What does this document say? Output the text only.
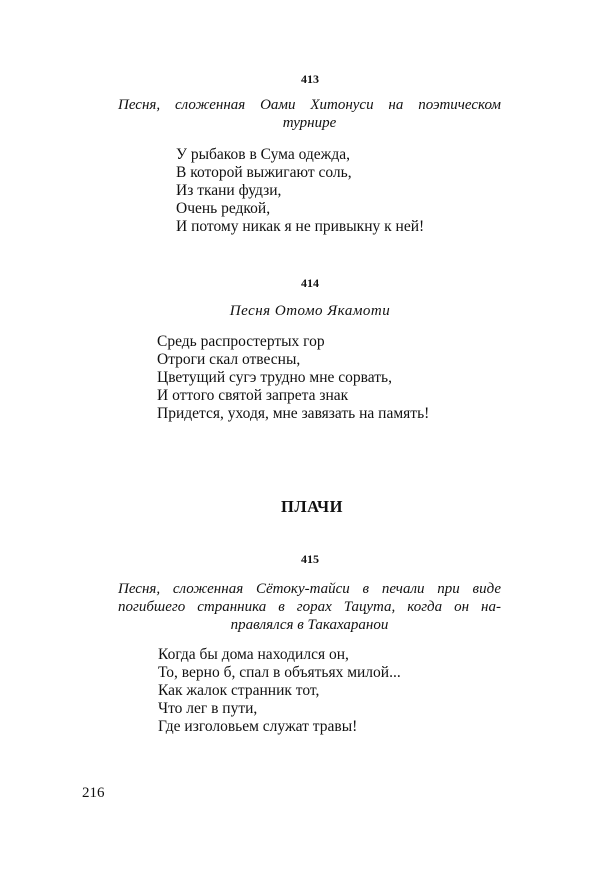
413
Песня, сложенная Оами Хитонуси на поэтическом
турнире
У рыбаков в Сума одежда,
В которой выжигают соль,
Из ткани фудзи,
Очень редкой,
И потому никак я не привыкну к ней!
414
Песня Отомо Якамоти
Средь распростертых гор
Отроги скал отвесны,
Цветущий сугэ трудно мне сорвать,
И оттого святой запрета знак
Придется, уходя, мне завязать на память!
ПЛАЧИ
415
Песня, сложенная Сётоку-тайси в печали при виде
погибшего странника в горах Тацута, когда он на-
правлялся в Такахаранои
Когда бы дома находился он,
То, верно б, спал в объятьях милой...
Как жалок странник тот,
Что лег в пути,
Где изголовьем служат травы!
216
